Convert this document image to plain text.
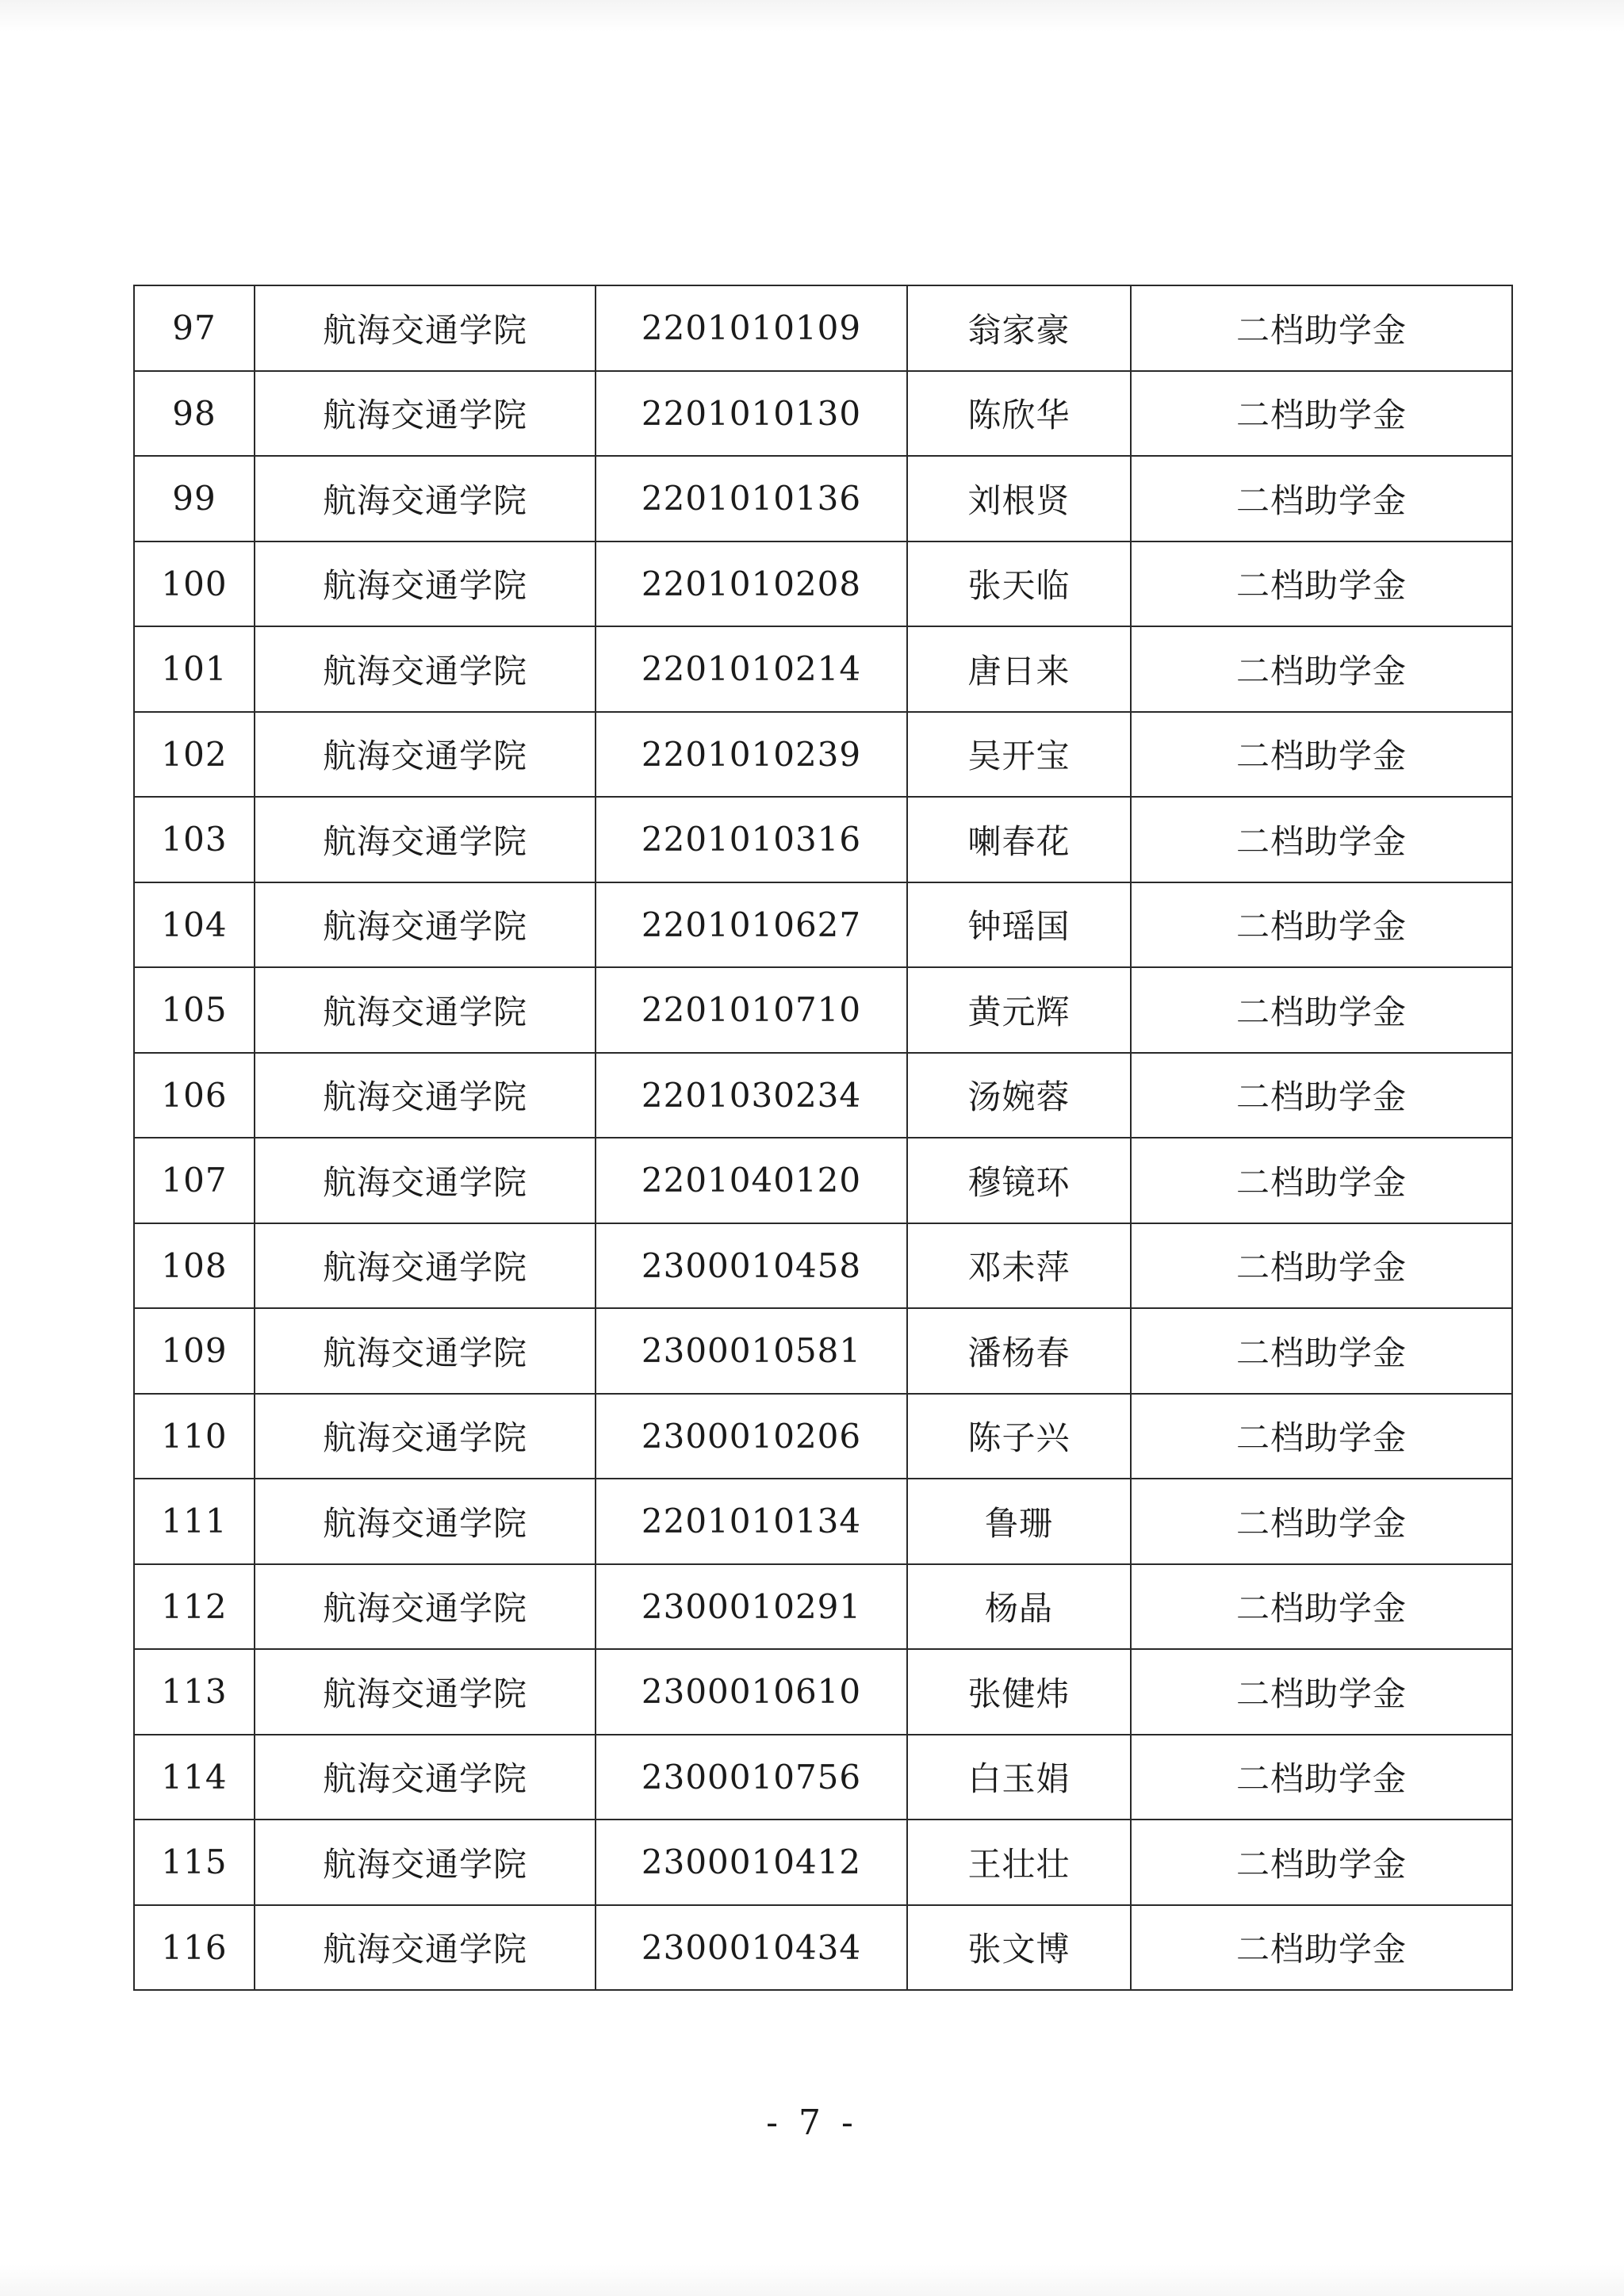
97	航海交通学院	2201010109	翁家豪	二档助学金
98	航海交通学院	2201010130	陈欣华	二档助学金
99	航海交通学院	2201010136	刘根贤	二档助学金
100	航海交通学院	2201010208	张天临	二档助学金
101	航海交通学院	2201010214	唐日来	二档助学金
102	航海交通学院	2201010239	吴开宝	二档助学金
103	航海交通学院	2201010316	喇春花	二档助学金
104	航海交通学院	2201010627	钟瑶国	二档助学金
105	航海交通学院	2201010710	黄元辉	二档助学金
106	航海交通学院	2201030234	汤婉蓉	二档助学金
107	航海交通学院	2201040120	穆镜环	二档助学金
108	航海交通学院	2300010458	邓未萍	二档助学金
109	航海交通学院	2300010581	潘杨春	二档助学金
110	航海交通学院	2300010206	陈子兴	二档助学金
111	航海交通学院	2201010134	鲁珊	二档助学金
112	航海交通学院	2300010291	杨晶	二档助学金
113	航海交通学院	2300010610	张健炜	二档助学金
114	航海交通学院	2300010756	白玉娟	二档助学金
115	航海交通学院	2300010412	王壮壮	二档助学金
116	航海交通学院	2300010434	张文博	二档助学金
- 7 -
